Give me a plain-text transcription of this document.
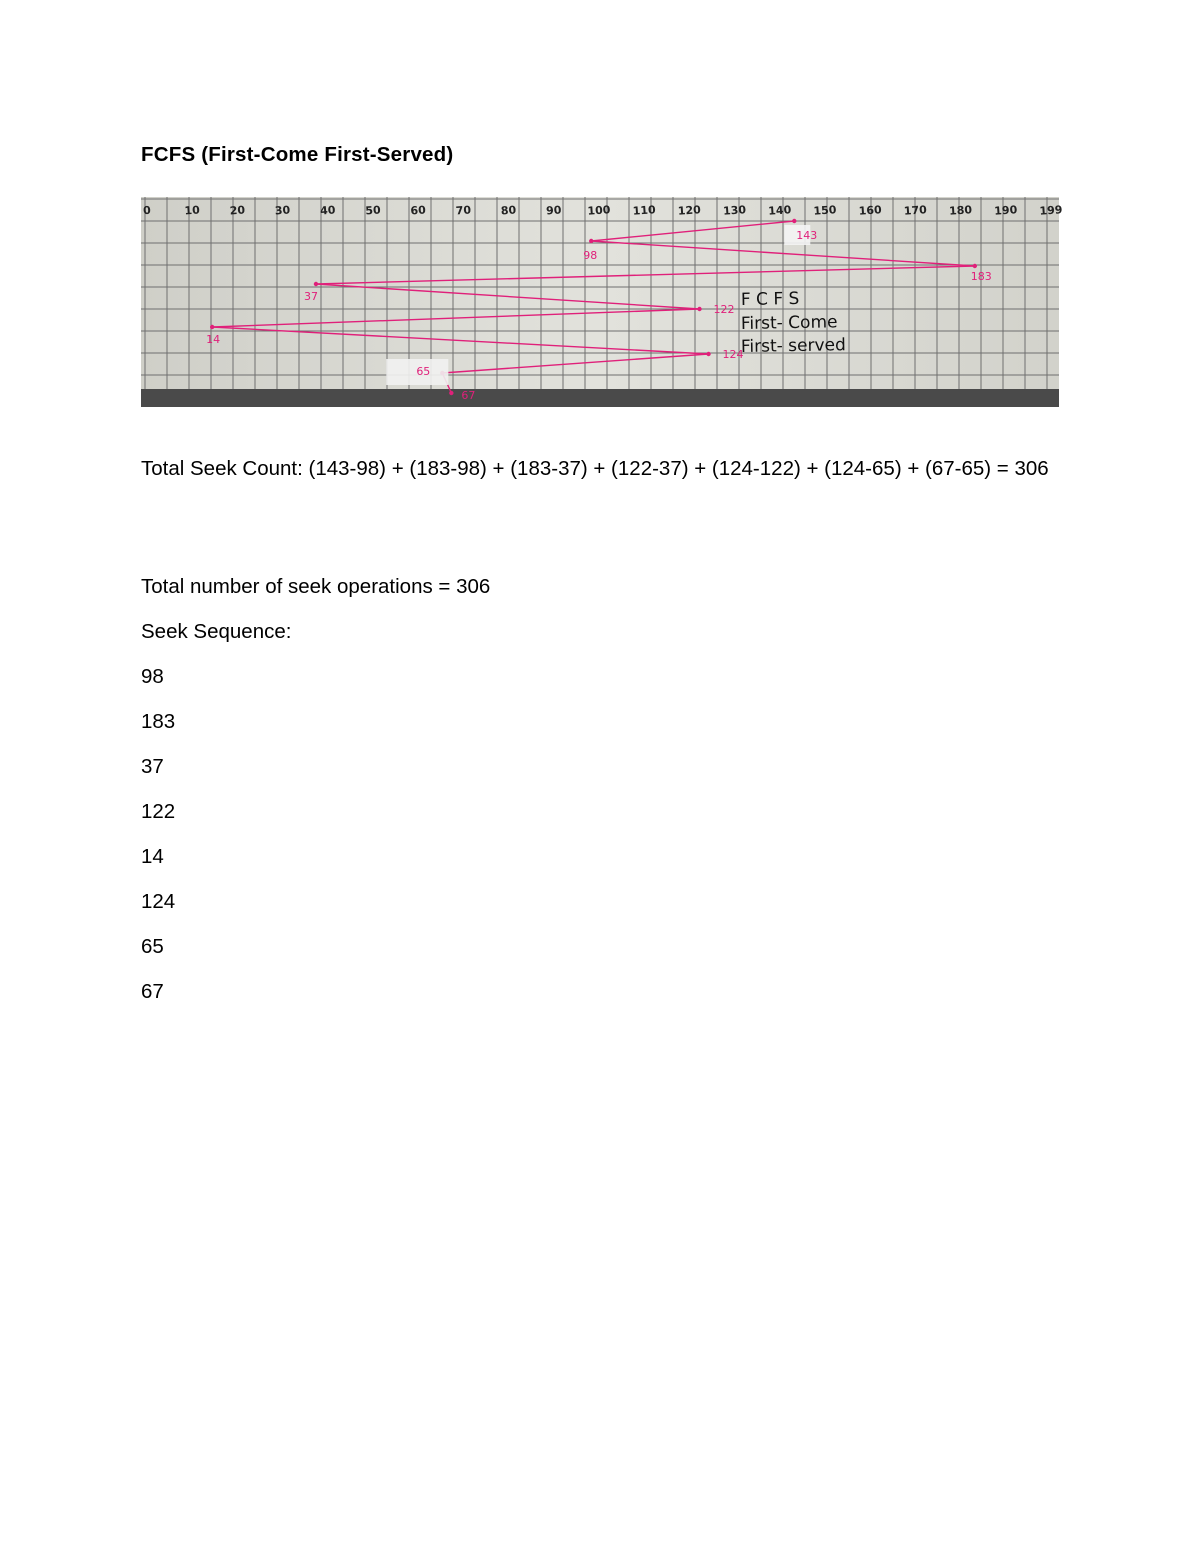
FCFS (First-Come First-Served)
0	10	20	30	40	50	60	70	80	90 100 110 120 130 140 150 160 170 180 190 199
143
98
183
37
122
14
124
65
67
F C F S
First- Come
First- served
Total Seek Count: (143-98) + (183-98) + (183-37) + (122-37) + (124-122) + (124-65) + (67-65) = 306
Total number of seek operations = 306
Seek Sequence:
98
183
37
122
14
124
65
67
